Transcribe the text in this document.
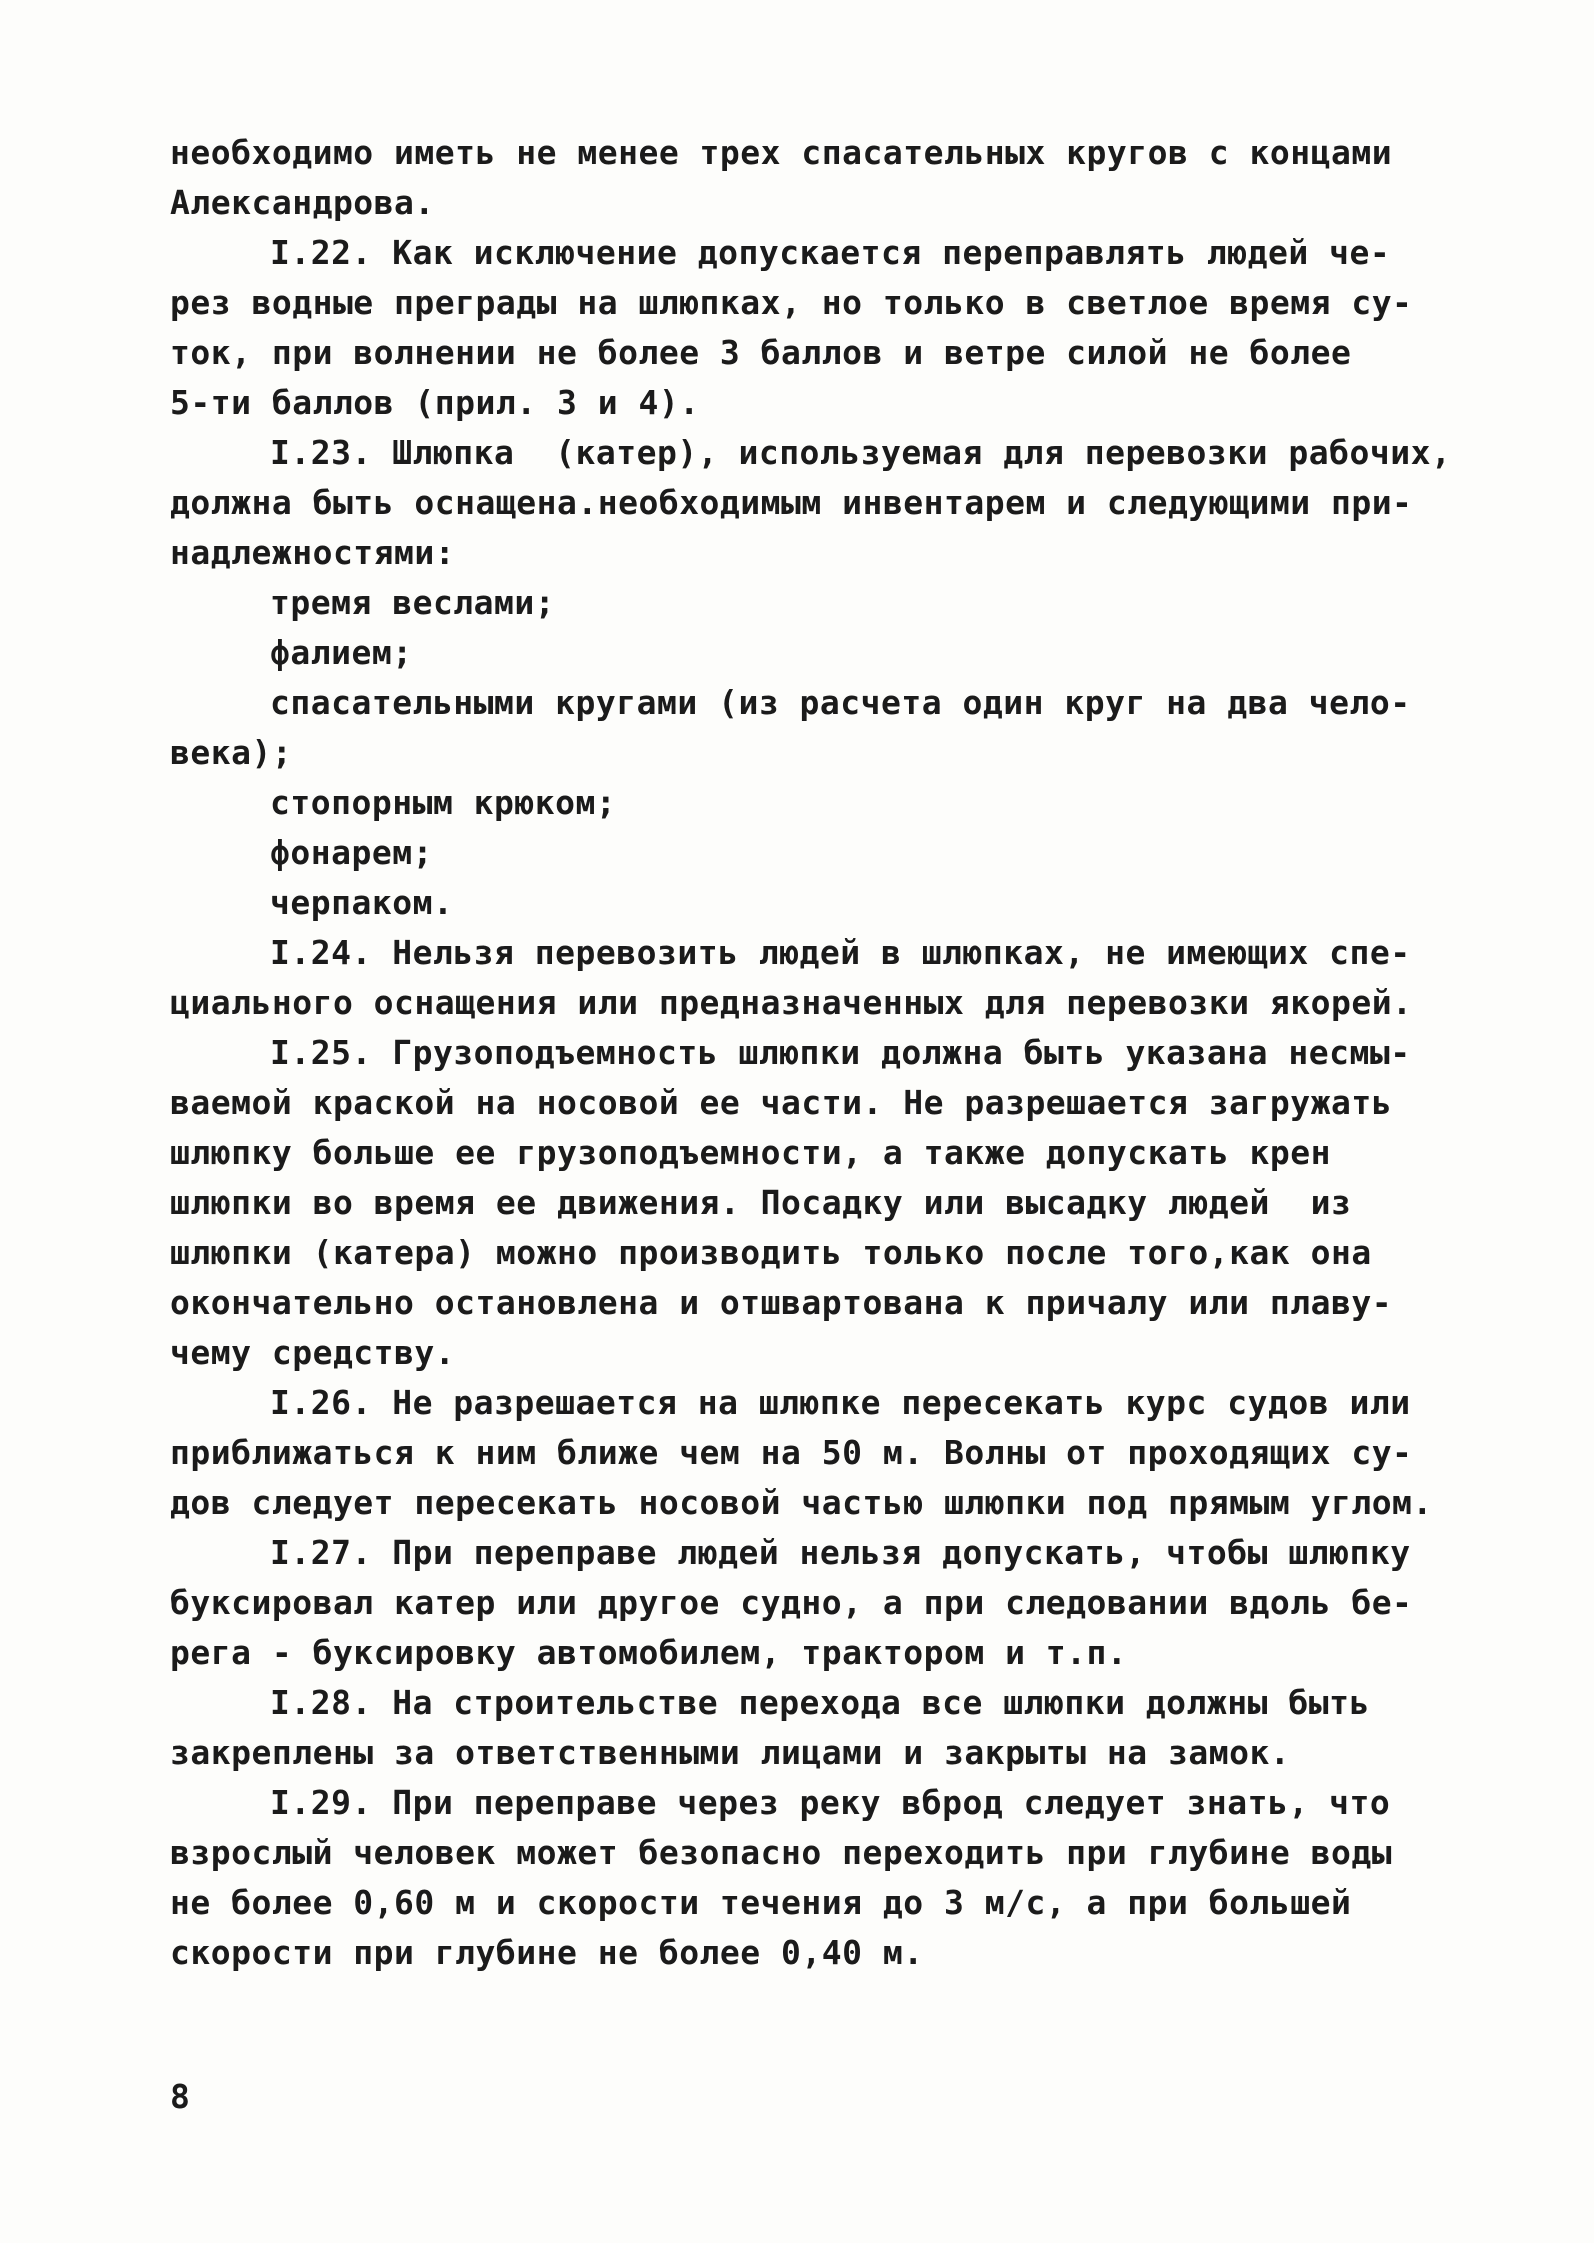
необходимо иметь не менее трех спасательных кругов с концами
Александрова.
I.22. Как исключение допускается переправлять людей че-
рез водные преграды на шлюпках, но только в светлое время су-
ток, при волнении не более 3 баллов и ветре силой не более
5-ти баллов (прил. 3 и 4).
I.23. Шлюпка  (катер), используемая для перевозки рабочих,
должна быть оснащена.необходимым инвентарем и следующими при-
надлежностями:
тремя веслами;
фалием;
спасательными кругами (из расчета один круг на два чело-
века);
стопорным крюком;
фонарем;
черпаком.
I.24. Нельзя перевозить людей в шлюпках, не имеющих спе-
циального оснащения или предназначенных для перевозки якорей.
I.25. Грузоподъемность шлюпки должна быть указана несмы-
ваемой краской на носовой ее части. Не разрешается загружать
шлюпку больше ее грузоподъемности, а также допускать крен
шлюпки во время ее движения. Посадку или высадку людей  из
шлюпки (катера) можно производить только после того,как она
окончательно остановлена и отшвартована к причалу или плаву-
чему средству.
I.26. Не разрешается на шлюпке пересекать курс судов или
приближаться к ним ближе чем на 50 м. Волны от проходящих су-
дов следует пересекать носовой частью шлюпки под прямым углом.
I.27. При переправе людей нельзя допускать, чтобы шлюпку
буксировал катер или другое судно, а при следовании вдоль бе-
рега - буксировку автомобилем, трактором и т.п.
I.28. На строительстве перехода все шлюпки должны быть
закреплены за ответственными лицами и закрыты на замок.
I.29. При переправе через реку вброд следует знать, что
взрослый человек может безопасно переходить при глубине воды
не более 0,60 м и скорости течения до 3 м/с, а при большей
скорости при глубине не более 0,40 м.
8
